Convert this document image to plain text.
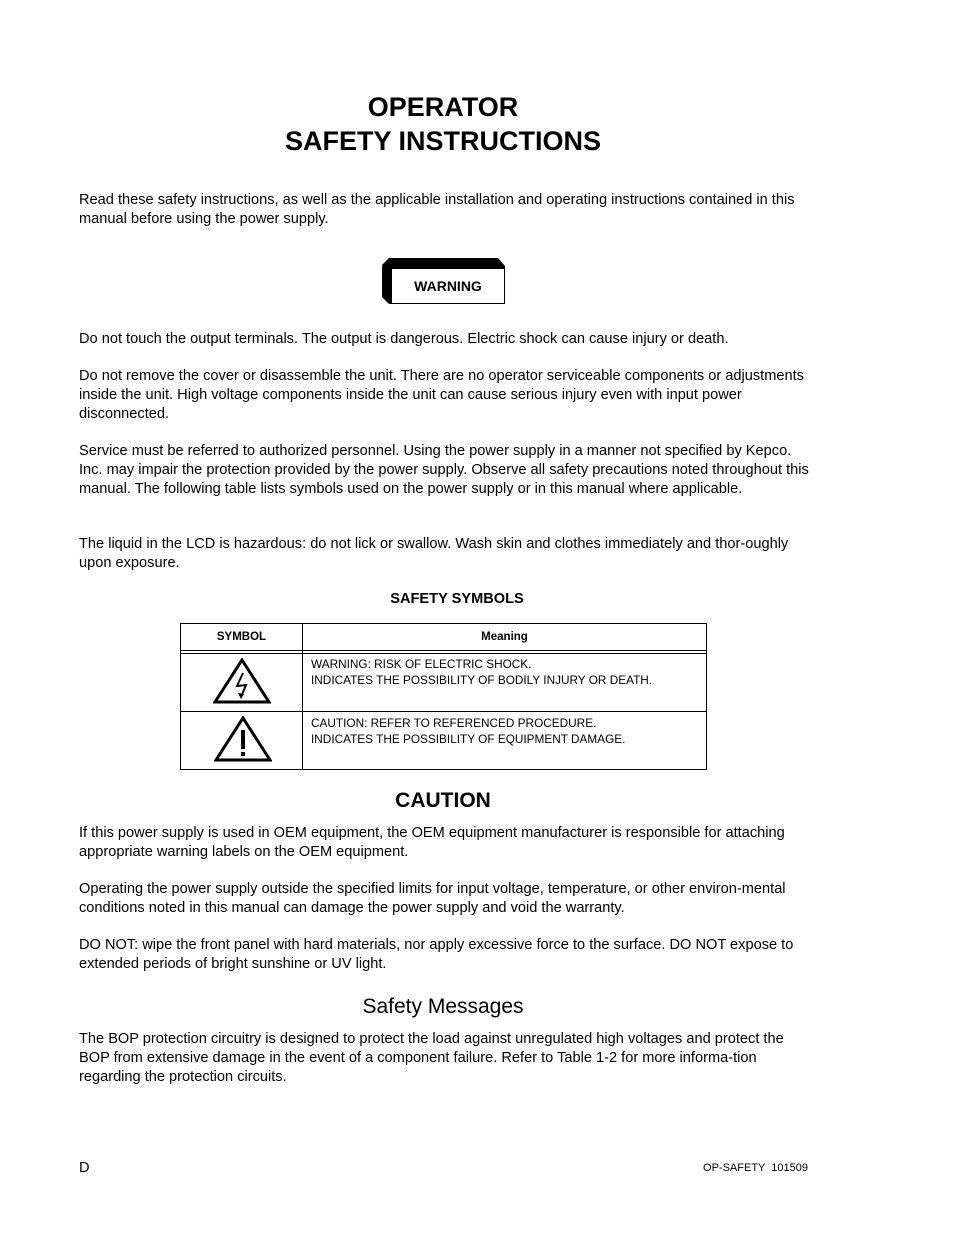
OPERATOR
SAFETY INSTRUCTIONS

Read these safety instructions, as well as the applicable installation and operating instructions contained in this manual before using the power supply.

WARNING

Do not touch the output terminals. The output is dangerous. Electric shock can cause injury or death.

Do not remove the cover or disassemble the unit. There are no operator serviceable components or adjustments inside the unit. High voltage components inside the unit can cause serious injury even with input power disconnected.

Service must be referred to authorized personnel. Using the power supply in a manner not specified by Kepco. Inc. may impair the protection provided by the power supply. Observe all safety precautions noted throughout this manual. The following table lists symbols used on the power supply or in this manual where applicable.

The liquid in the LCD is hazardous: do not lick or swallow. Wash skin and clothes immediately and thor-oughly upon exposure.

SAFETY SYMBOLS
SYMBOL	Meaning
WARNING: RISK OF ELECTRIC SHOCK.
INDICATES THE POSSIBILITY OF BODILY INJURY OR DEATH.
CAUTION: REFER TO REFERENCED PROCEDURE.
INDICATES THE POSSIBILITY OF EQUIPMENT DAMAGE.
CAUTION

If this power supply is used in OEM equipment, the OEM equipment manufacturer is responsible for attaching appropriate warning labels on the OEM equipment.

Operating the power supply outside the specified limits for input voltage, temperature, or other environ-mental conditions noted in this manual can damage the power supply and void the warranty.

DO NOT: wipe the front panel with hard materials, nor apply excessive force to the surface. DO NOT expose to extended periods of bright sunshine or UV light.

Safety Messages

The BOP protection circuitry is designed to protect the load against unregulated high voltages and protect the BOP from extensive damage in the event of a component failure. Refer to Table 1-2 for more informa-tion regarding the protection circuits.

D	OP-SAFETY  101509
